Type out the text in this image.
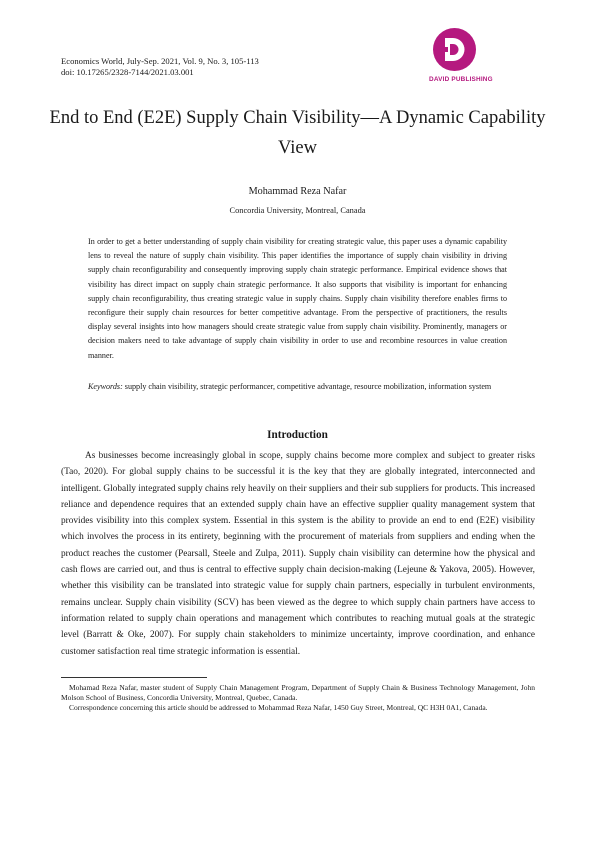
Economics World, July-Sep. 2021, Vol. 9, No. 3, 105-113
doi: 10.17265/2328-7144/2021.03.001
DAVID PUBLISHING
End to End (E2E) Supply Chain Visibility—A Dynamic Capability View
Mohammad Reza Nafar
Concordia University, Montreal, Canada

In order to get a better understanding of supply chain visibility for creating strategic value, this paper uses a dynamic capability lens to reveal the nature of supply chain visibility. This paper identifies the importance of supply chain visibility in driving supply chain reconfigurability and consequently improving supply chain strategic performance. Empirical evidence shows that visibility has direct impact on supply chain strategic performance. It also supports that visibility is important for enhancing supply chain reconfigurability, thus creating strategic value in supply chains. Supply chain visibility therefore enables firms to reconfigure their supply chain resources for better competitive advantage. From the perspective of practitioners, the results display several insights into how managers should create strategic value from supply chain visibility. Prominently, managers or decision makers need to take advantage of supply chain visibility in order to use and recombine resources in value creation manner.

Keywords: supply chain visibility, strategic performancer, competitive advantage, resource mobilization, information system

Introduction

As businesses become increasingly global in scope, supply chains become more complex and subject to greater risks (Tao, 2020). For global supply chains to be successful it is the key that they are globally integrated, interconnected and intelligent. Globally integrated supply chains rely heavily on their suppliers and their sub suppliers for products. This increased reliance and dependence requires that an extended supply chain have an effective supplier quality management system that provides visibility into this complex system. Essential in this system is the ability to provide an end to end (E2E) visibility which involves the process in its entirety, beginning with the procurement of materials from suppliers and ending when the product reaches the customer (Pearsall, Steele and Zulpa, 2011). Supply chain visibility can determine how the physical and cash flows are carried out, and thus is central to effective supply chain decision-making (Lejeune & Yakova, 2005). However, whether this visibility can be translated into strategic value for supply chain partners, especially in turbulent environments, remains unclear. Supply chain visibility (SCV) has been viewed as the degree to which supply chain partners have access to information related to supply chain operations and management which contributes to reaching mutual goals at the strategic level (Barratt & Oke, 2007). For supply chain stakeholders to minimize uncertainty, improve coordination, and enhance customer satisfaction real time strategic information is essential.

Mohamad Reza Nafar, master student of Supply Chain Management Program, Department of Supply Chain & Business Technology Management, John Molson School of Business, Concordia University, Montreal, Quebec, Canada.

Correspondence concerning this article should be addressed to Mohammad Reza Nafar, 1450 Guy Street, Montreal, QC H3H 0A1, Canada.
